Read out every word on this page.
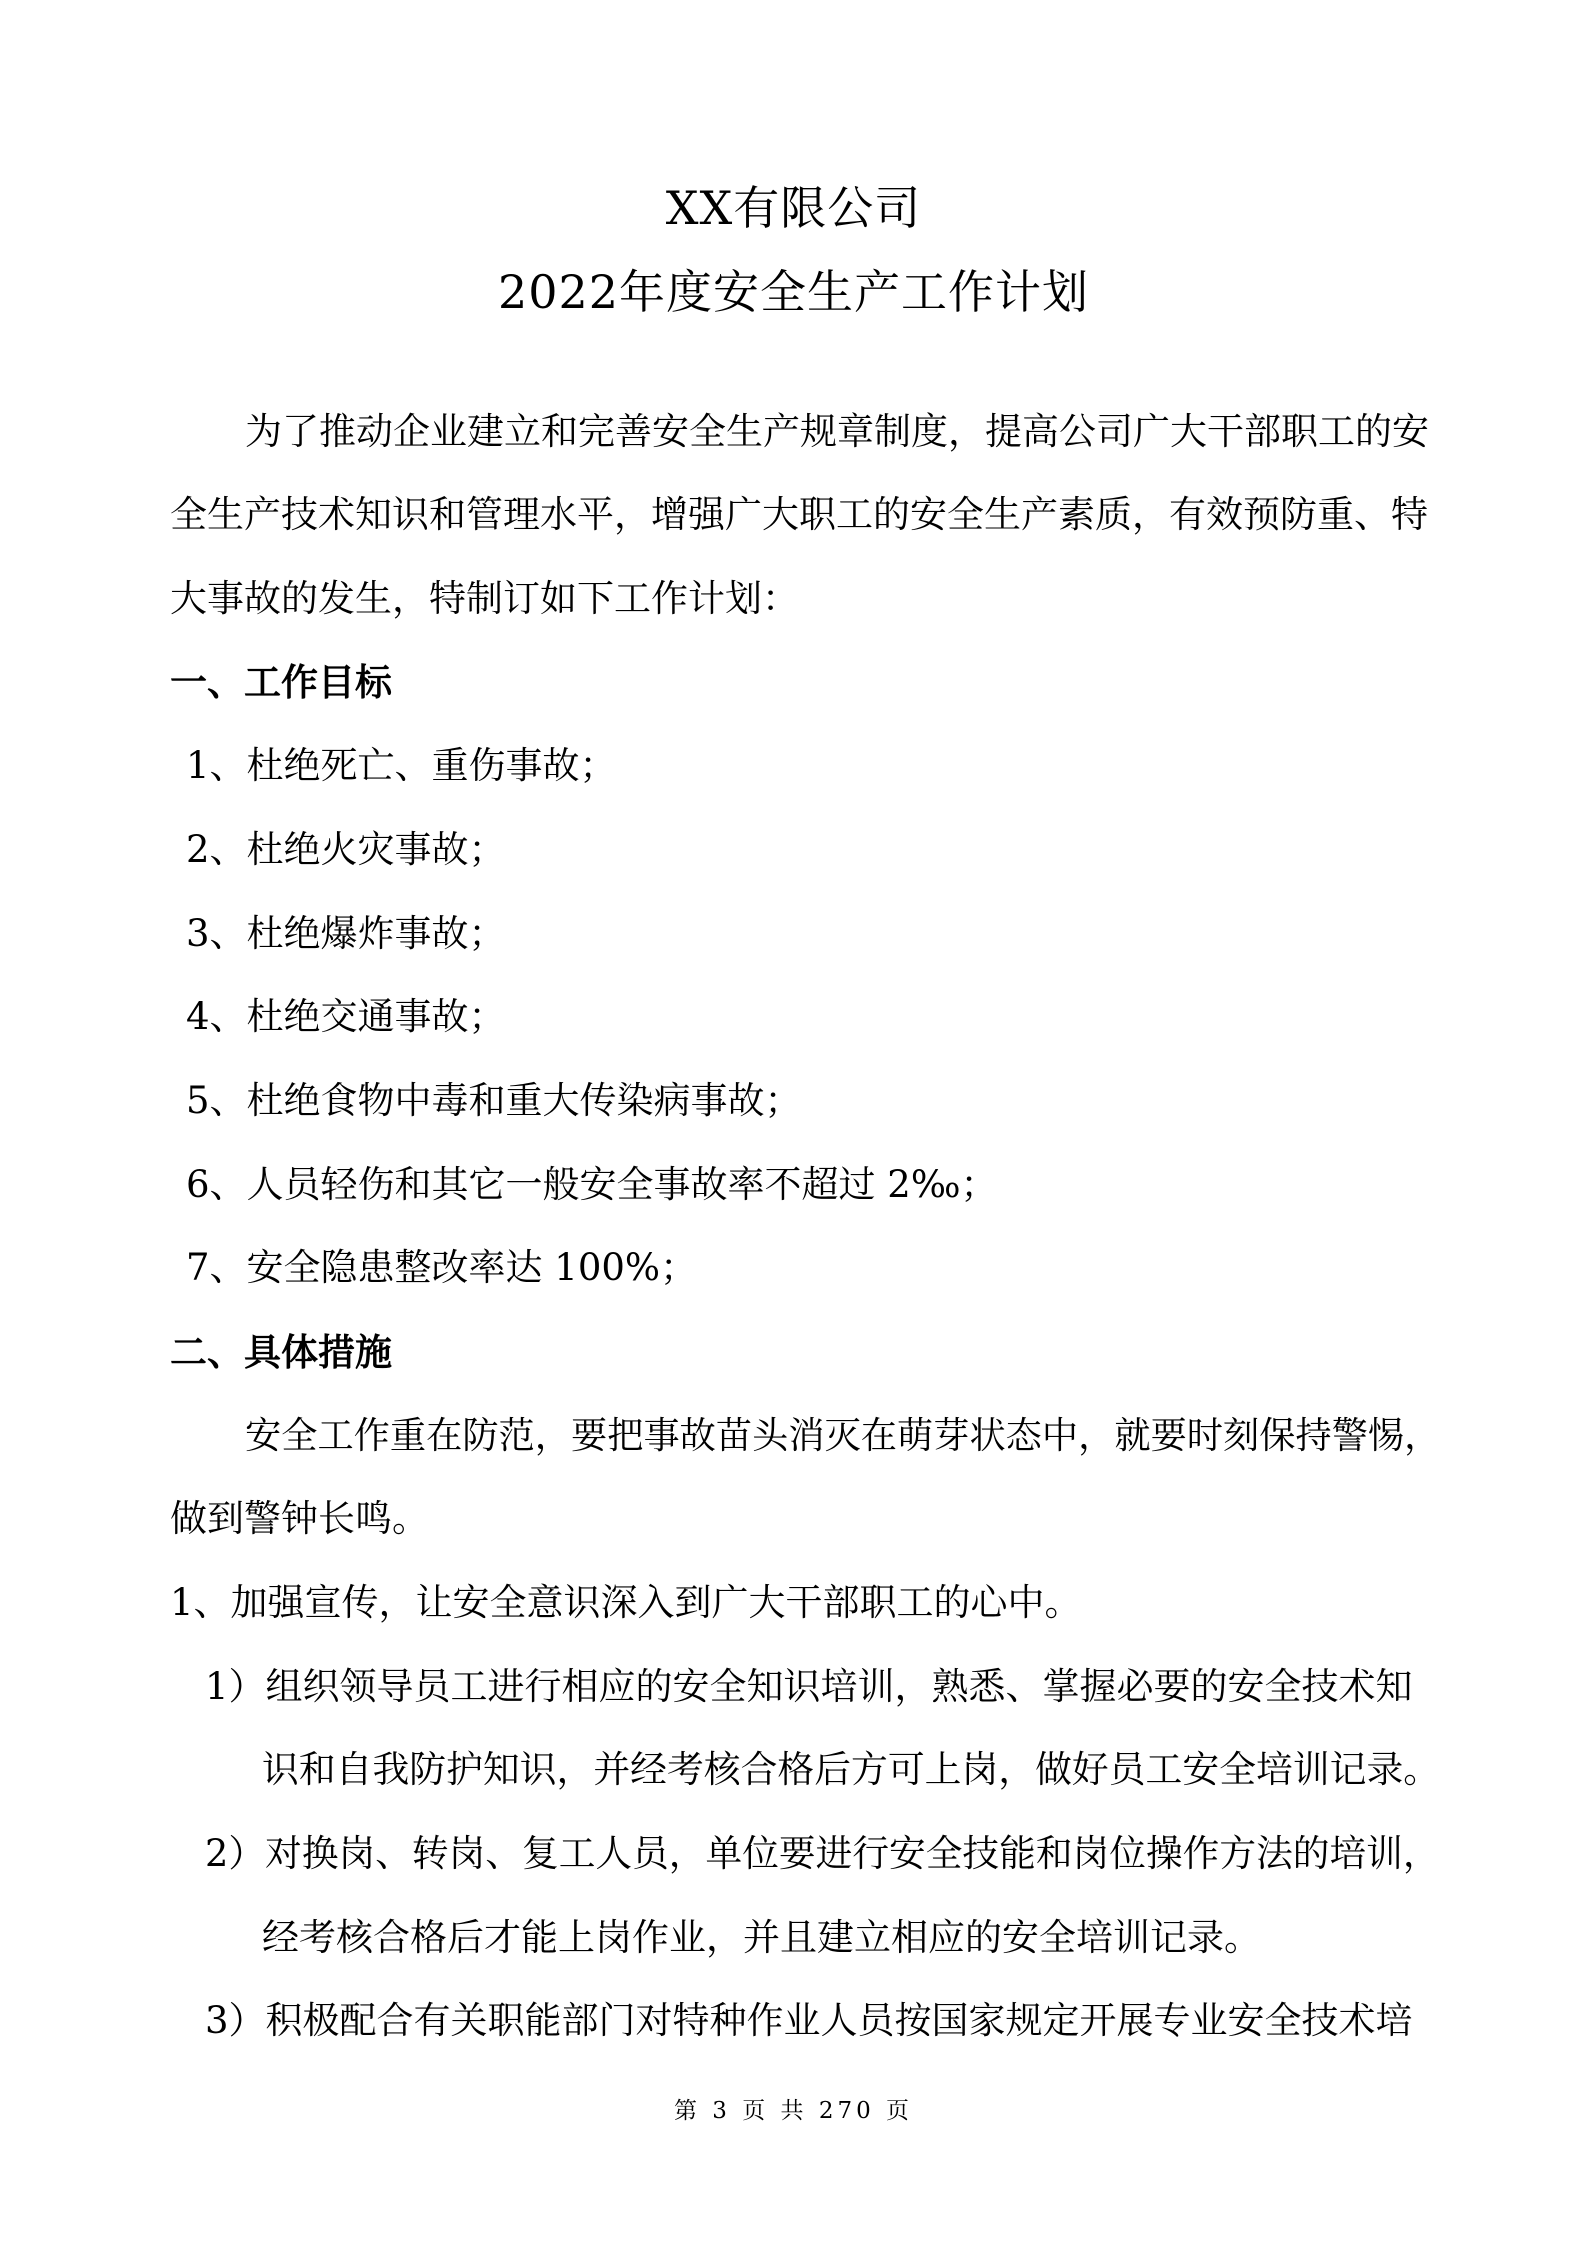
XX有限公司
2022年度安全生产工作计划
为了推动企业建立和完善安全生产规章制度，提高公司广大干部职工的安
全生产技术知识和管理水平，增强广大职工的安全生产素质，有效预防重、特
大事故的发生，特制订如下工作计划：
一、工作目标
1、杜绝死亡、重伤事故；
2、杜绝火灾事故；
3、杜绝爆炸事故；
4、杜绝交通事故；
5、杜绝食物中毒和重大传染病事故；
6、人员轻伤和其它一般安全事故率不超过 2‰；
7、安全隐患整改率达 100%；
二、具体措施
安全工作重在防范，要把事故苗头消灭在萌芽状态中，就要时刻保持警惕，
做到警钟长鸣。
1、加强宣传，让安全意识深入到广大干部职工的心中。
1）组织领导员工进行相应的安全知识培训，熟悉、掌握必要的安全技术知
识和自我防护知识，并经考核合格后方可上岗，做好员工安全培训记录。
2）对换岗、转岗、复工人员，单位要进行安全技能和岗位操作方法的培训，
经考核合格后才能上岗作业，并且建立相应的安全培训记录。
3）积极配合有关职能部门对特种作业人员按国家规定开展专业安全技术培
第 3 页 共 270 页
